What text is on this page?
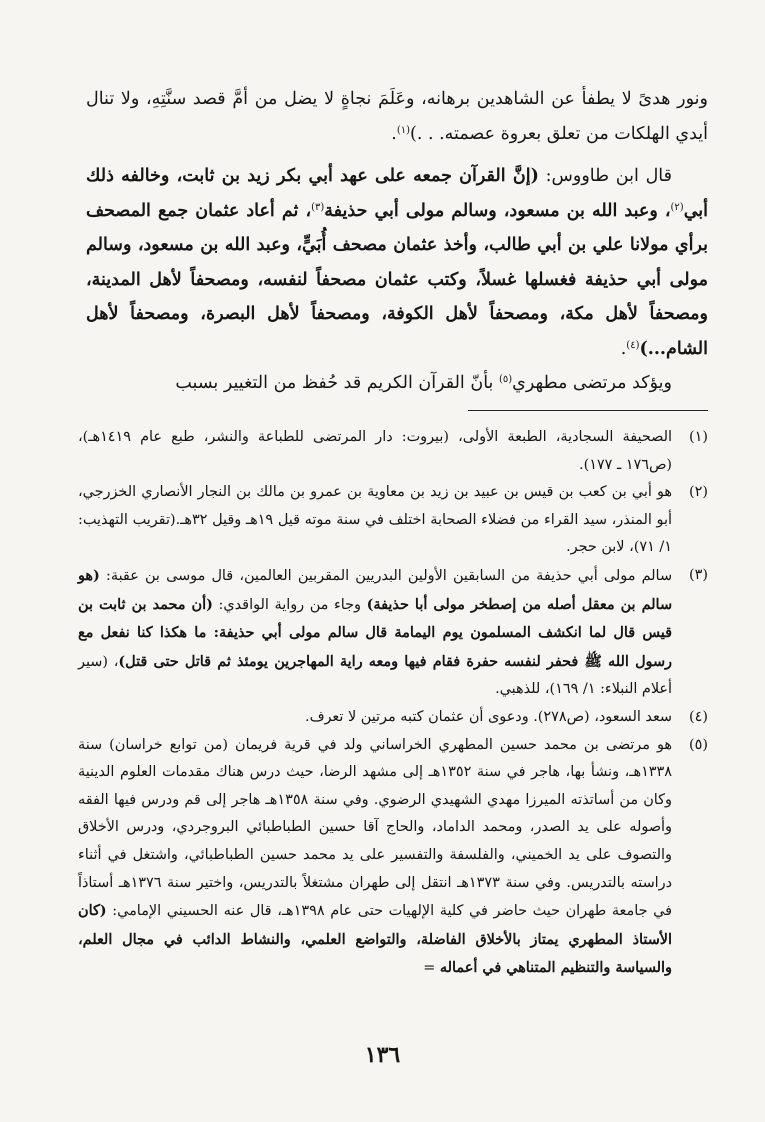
ونور هدىً لا يطفأ عن الشاهدين برهانه، وعَلَمَ نجاةٍ لا يضل من أمَّ قصد سنَّتِهِ، ولا تنال أيدي الهلكات من تعلق بعروة عصمته. . .)$^{(١)}$.

قال ابن طاووس: (إنَّ القرآن جمعه على عهد أبي بكر زيد بن ثابت، وخالفه ذلك أبي$^{(٢)}$، وعبد الله بن مسعود، وسالم مولى أبي حذيفة$^{(٣)}$، ثم أعاد عثمان جمع المصحف برأي مولانا علي بن أبي طالب، وأخذ عثمان مصحف أُبَيٍّ، وعبد الله بن مسعود، وسالم مولى أبي حذيفة فغسلها غسلاً، وكتب عثمان مصحفاً لنفسه، ومصحفاً لأهل المدينة، ومصحفاً لأهل مكة، ومصحفاً لأهل الكوفة، ومصحفاً لأهل البصرة، ومصحفاً لأهل الشام...)$^{(٤)}$.

ويؤكد مرتضى مطهري$^{(٥)}$ بأنّ القرآن الكريم قد حُفظ من التغيير بسبب

(١)
الصحيفة السجادية، الطبعة الأولى، (بيروت: دار المرتضى للطباعة والنشر، طبع عام ١٤١٩هـ)، (ص١٧٦ ـ ١٧٧).
(٢)
هو أبي بن كعب بن قيس بن عبيد بن زيد بن معاوية بن عمرو بن مالك بن النجار الأنصاري الخزرجي، أبو المنذر، سيد القراء من فضلاء الصحابة اختلف في سنة موته قيل ١٩هـ وقيل ٣٢هـ.(تقريب التهذيب: ١/ ٧١)، لابن حجر.
(٣)
سالم مولى أبي حذيفة من السابقين الأولين البدريين المقربين العالمين، قال موسى بن عقبة: (هو سالم بن معقل أصله من إصطخر مولى أبا حذيفة) وجاء من رواية الواقدي: (أن محمد بن ثابت بن قيس قال لما انكشف المسلمون يوم اليمامة قال سالم مولى أبي حذيفة: ما هكذا كنا نفعل مع رسول الله ﷺ فحفر لنفسه حفرة فقام فيها ومعه راية المهاجرين يومئذ ثم قاتل حتى قتل)، (سير أعلام النبلاء: ١/ ١٦٩)، للذهبي.
(٤)
سعد السعود، (ص٢٧٨). ودعوى أن عثمان كتبه مرتين لا تعرف.
(٥)
هو مرتضى بن محمد حسين المطهري الخراساني ولد في قرية فريمان (من توابع خراسان) سنة ١٣٣٨هـ، ونشأ بها، هاجر في سنة ١٣٥٢هـ إلى مشهد الرضا، حيث درس هناك مقدمات العلوم الدينية وكان من أساتذته الميرزا مهدي الشهيدي الرضوي. وفي سنة ١٣٥٨هـ هاجر إلى قم ودرس فيها الفقه وأصوله على يد الصدر، ومحمد الداماد، والحاج آقا حسين الطباطبائي البروجردي، ودرس الأخلاق والتصوف على يد الخميني، والفلسفة والتفسير على يد محمد حسين الطباطبائي، واشتغل في أثناء دراسته بالتدريس. وفي سنة ١٣٧٣هـ انتقل إلى طهران مشتغلاً بالتدريس، واختير سنة ١٣٧٦هـ أستاذاً في جامعة طهران حيث حاضر في كلية الإلهيات حتى عام ١٣٩٨هـ، قال عنه الحسيني الإمامي: (كان الأستاذ المطهري يمتاز بالأخلاق الفاضلة، والتواضع العلمي، والنشاط الدائب في مجال العلم، والسياسة والتنظيم المتناهي في أعماله =
١٣٦
